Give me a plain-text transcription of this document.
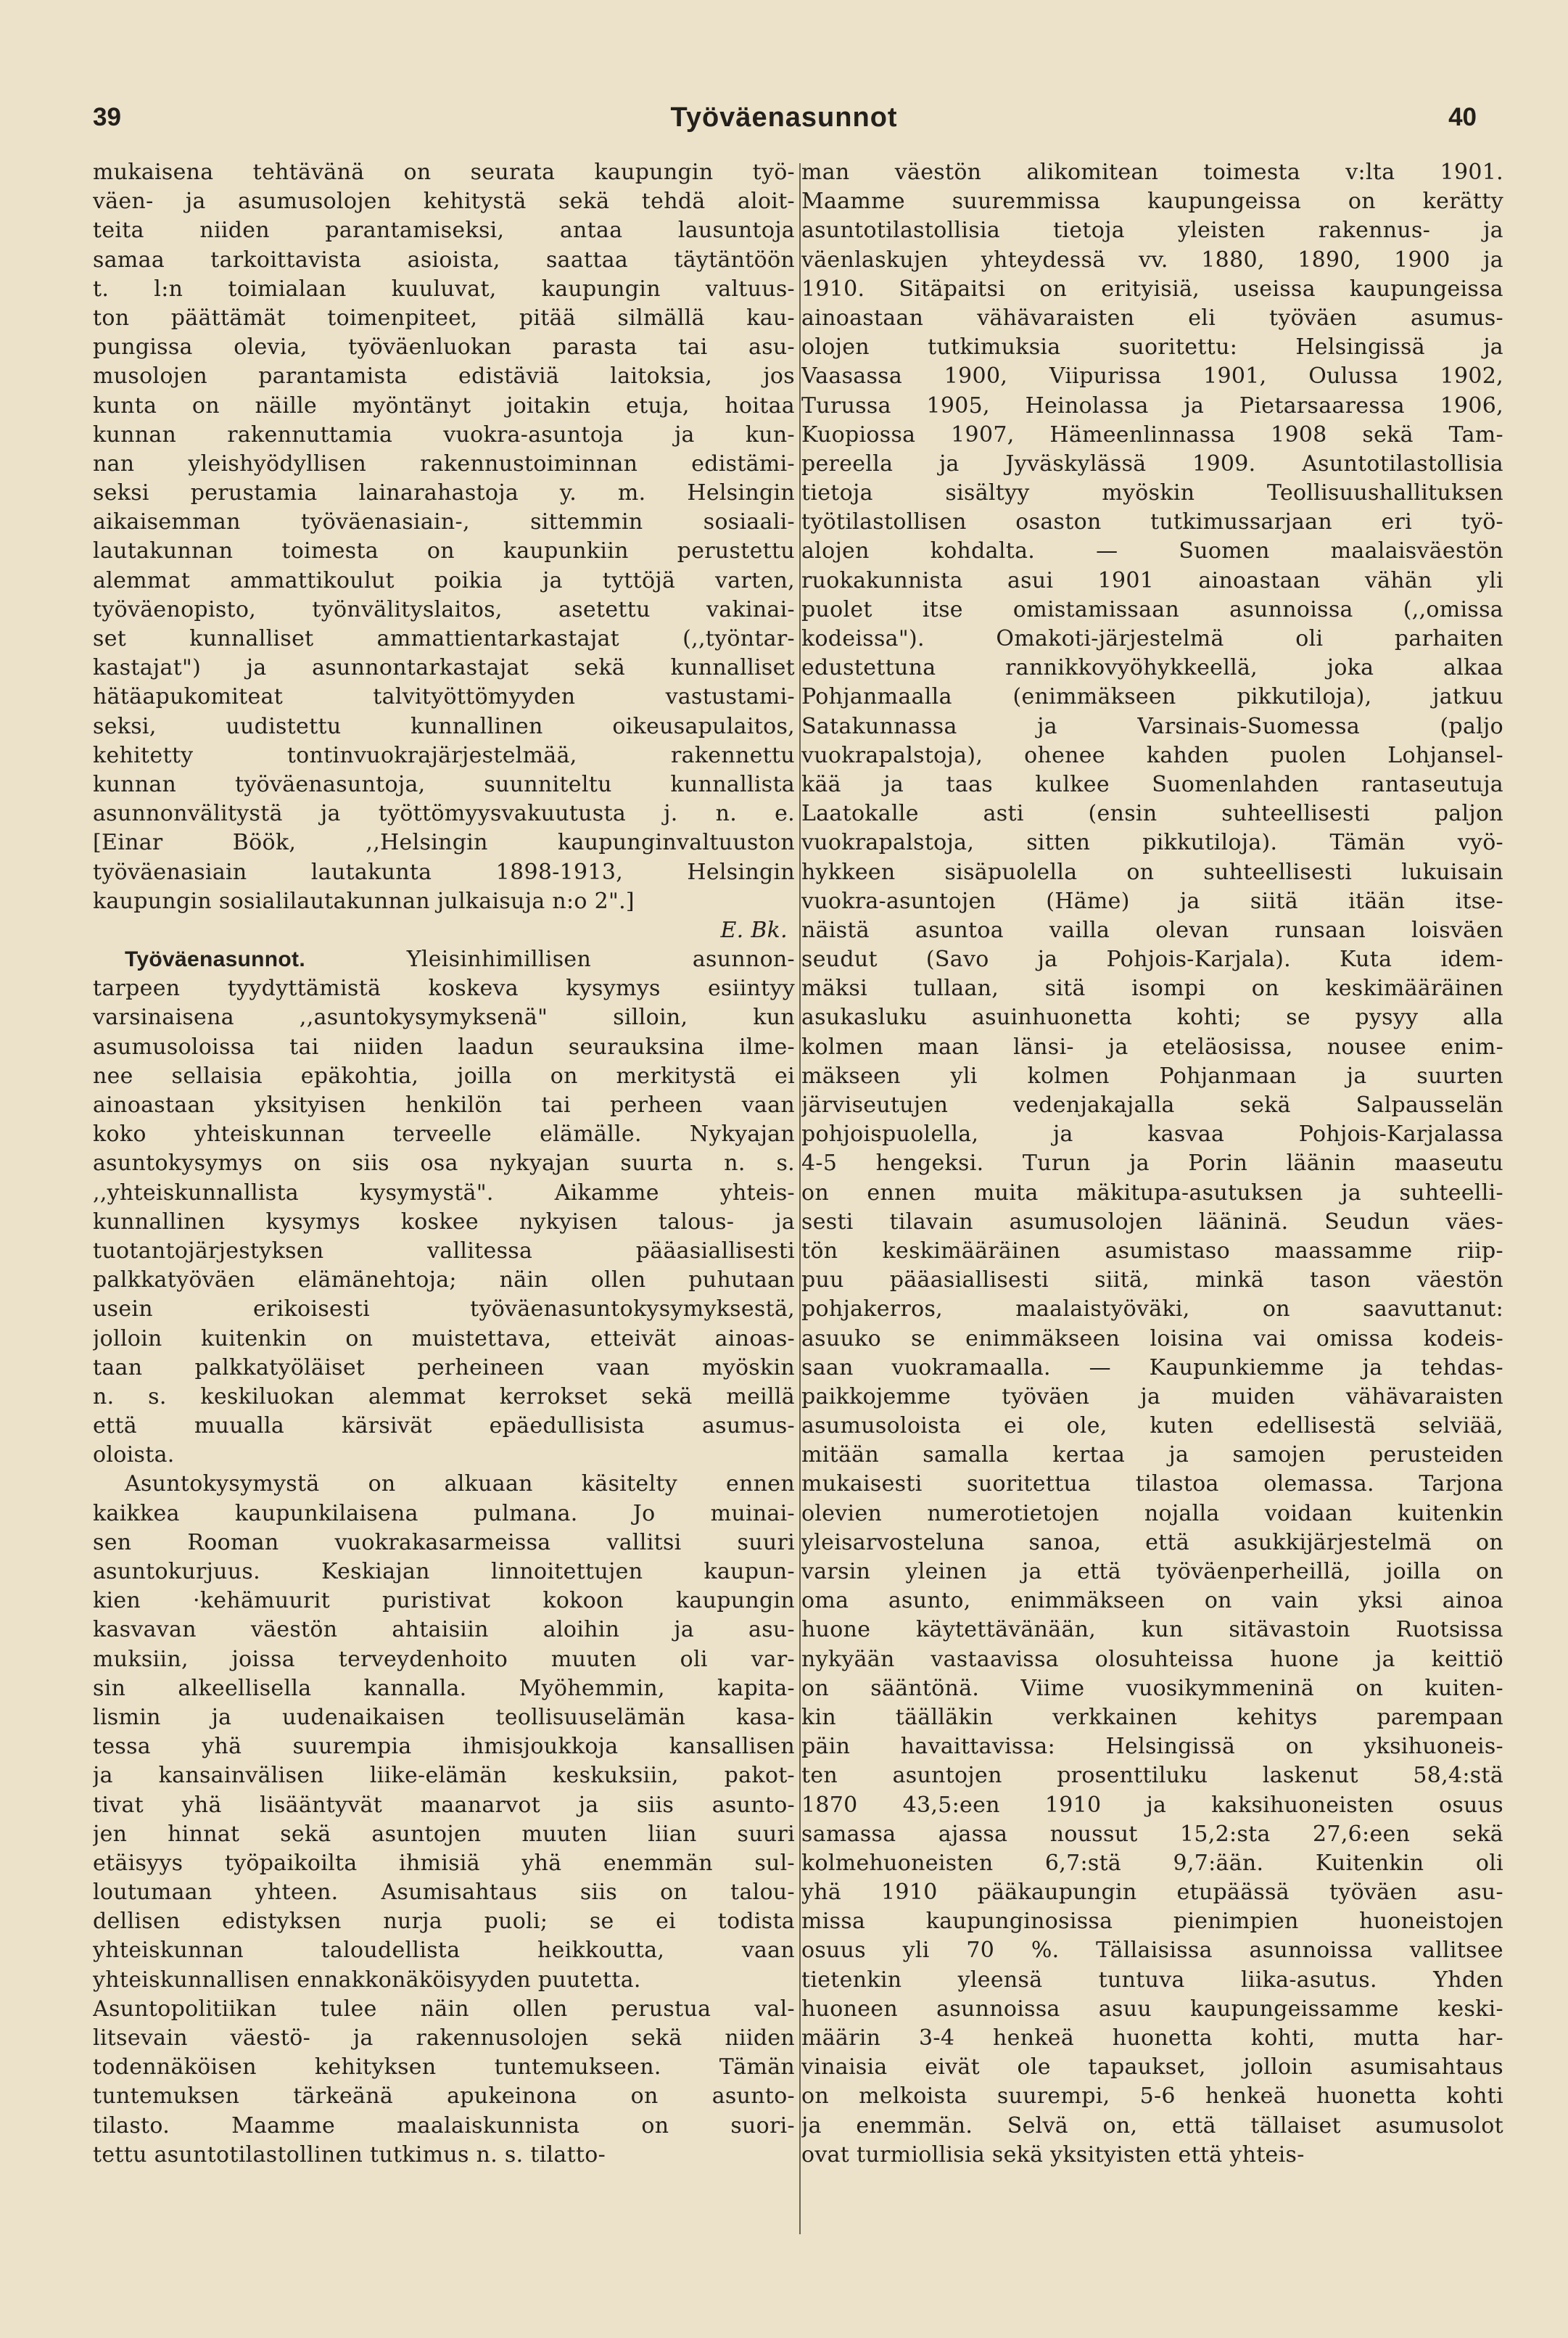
39	Työväenasunnot	40
mukaisena tehtävänä on seurata kaupungin työ-
väen- ja asumusolojen kehitystä sekä tehdä aloit-
teita niiden parantamiseksi, antaa lausuntoja
samaa tarkoittavista asioista, saattaa täytäntöön
t. l:n toimialaan kuuluvat, kaupungin valtuus-
ton päättämät toimenpiteet, pitää silmällä kau-
pungissa olevia, työväenluokan parasta tai asu-
musolojen parantamista edistäviä laitoksia, jos
kunta on näille myöntänyt joitakin etuja, hoitaa
kunnan rakennuttamia vuokra-asuntoja ja kun-
nan yleishyödyllisen rakennustoiminnan edistämi-
seksi perustamia lainarahastoja y. m. Helsingin
aikaisemman työväenasiain-, sittemmin sosiaali-
lautakunnan toimesta on kaupunkiin perustettu
alemmat ammattikoulut poikia ja tyttöjä varten,
työväenopisto, työnvälityslaitos, asetettu vakinai-
set kunnalliset ammattientarkastajat (,,työntar-
kastajat") ja asunnontarkastajat sekä kunnalliset
hätäapukomiteat talvityöttömyyden vastustami-
seksi, uudistettu kunnallinen oikeusapulaitos,
kehitetty tontinvuokrajärjestelmää, rakennettu
kunnan työväenasuntoja, suunniteltu kunnallista
asunnonvälitystä ja työttömyysvakuutusta j. n. e.
[Einar Böök, ,,Helsingin kaupunginvaltuuston
työväenasiain lautakunta 1898-1913, Helsingin
kaupungin sosialilautakunnan julkaisuja n:o 2".]
E. Bk.
Työväenasunnot. Yleisinhimillisen asunnon-
tarpeen tyydyttämistä koskeva kysymys esiintyy
varsinaisena ,,asuntokysymyksenä" silloin, kun
asumusoloissa tai niiden laadun seurauksina ilme-
nee sellaisia epäkohtia, joilla on merkitystä ei
ainoastaan yksityisen henkilön tai perheen vaan
koko yhteiskunnan terveelle elämälle. Nykyajan
asuntokysymys on siis osa nykyajan suurta n. s.
,,yhteiskunnallista kysymystä". Aikamme yhteis-
kunnallinen kysymys koskee nykyisen talous- ja
tuotantojärjestyksen vallitessa pääasiallisesti
palkkatyöväen elämänehtoja; näin ollen puhutaan
usein erikoisesti työväenasuntokysymyksestä,
jolloin kuitenkin on muistettava, etteivät ainoas-
taan palkkatyöläiset perheineen vaan myöskin
n. s. keskiluokan alemmat kerrokset sekä meillä
että muualla kärsivät epäedullisista asumus-
oloista.
Asuntokysymystä on alkuaan käsitelty ennen
kaikkea kaupunkilaisena pulmana. Jo muinai-
sen Rooman vuokrakasarmeissa vallitsi suuri
asuntokurjuus. Keskiajan linnoitettujen kaupun-
kien ·kehämuurit puristivat kokoon kaupungin
kasvavan väestön ahtaisiin aloihin ja asu-
muksiin, joissa terveydenhoito muuten oli var-
sin alkeellisella kannalla. Myöhemmin, kapita-
lismin ja uudenaikaisen teollisuuselämän kasa-
tessa yhä suurempia ihmisjoukkoja kansallisen
ja kansainvälisen liike-elämän keskuksiin, pakot-
tivat yhä lisääntyvät maanarvot ja siis asunto-
jen hinnat sekä asuntojen muuten liian suuri
etäisyys työpaikoilta ihmisiä yhä enemmän sul-
loutumaan yhteen. Asumisahtaus siis on talou-
dellisen edistyksen nurja puoli; se ei todista
yhteiskunnan taloudellista heikkoutta, vaan
yhteiskunnallisen ennakkonäköisyyden puutetta.
Asuntopolitiikan tulee näin ollen perustua val-
litsevain väestö- ja rakennusolojen sekä niiden
todennäköisen kehityksen tuntemukseen. Tämän
tuntemuksen tärkeänä apukeinona on asunto-
tilasto. Maamme maalaiskunnista on suori-
tettu asuntotilastollinen tutkimus n. s. tilatto-
man väestön alikomitean toimesta v:lta 1901.
Maamme suuremmissa kaupungeissa on kerätty
asuntotilastollisia tietoja yleisten rakennus- ja
väenlaskujen yhteydessä vv. 1880, 1890, 1900 ja
1910. Sitäpaitsi on erityisiä, useissa kaupungeissa
ainoastaan vähävaraisten eli työväen asumus-
olojen tutkimuksia suoritettu: Helsingissä ja
Vaasassa 1900, Viipurissa 1901, Oulussa 1902,
Turussa 1905, Heinolassa ja Pietarsaaressa 1906,
Kuopiossa 1907, Hämeenlinnassa 1908 sekä Tam-
pereella ja Jyväskylässä 1909. Asuntotilastollisia
tietoja sisältyy myöskin Teollisuushallituksen
työtilastollisen osaston tutkimussarjaan eri työ-
alojen kohdalta. — Suomen maalaisväestön
ruokakunnista asui 1901 ainoastaan vähän yli
puolet itse omistamissaan asunnoissa (,,omissa
kodeissa"). Omakoti-järjestelmä oli parhaiten
edustettuna rannikkovyöhykkeellä, joka alkaa
Pohjanmaalla (enimmäkseen pikkutiloja), jatkuu
Satakunnassa ja Varsinais-Suomessa (paljo
vuokrapalstoja), ohenee kahden puolen Lohjansel-
kää ja taas kulkee Suomenlahden rantaseutuja
Laatokalle asti (ensin suhteellisesti paljon
vuokrapalstoja, sitten pikkutiloja). Tämän vyö-
hykkeen sisäpuolella on suhteellisesti lukuisain
vuokra-asuntojen (Häme) ja siitä itään itse-
näistä asuntoa vailla olevan runsaan loisväen
seudut (Savo ja Pohjois-Karjala). Kuta idem-
mäksi tullaan, sitä isompi on keskimääräinen
asukasluku asuinhuonetta kohti; se pysyy alla
kolmen maan länsi- ja eteläosissa, nousee enim-
mäkseen yli kolmen Pohjanmaan ja suurten
järviseutujen vedenjakajalla sekä Salpausselän
pohjoispuolella, ja kasvaa Pohjois-Karjalassa
4-5 hengeksi. Turun ja Porin läänin maaseutu
on ennen muita mäkitupa-asutuksen ja suhteelli-
sesti tilavain asumusolojen lääninä. Seudun väes-
tön keskimääräinen asumistaso maassamme riip-
puu pääasiallisesti siitä, minkä tason väestön
pohjakerros, maalaistyöväki, on saavuttanut:
asuuko se enimmäkseen loisina vai omissa kodeis-
saan vuokramaalla. — Kaupunkiemme ja tehdas-
paikkojemme työväen ja muiden vähävaraisten
asumusoloista ei ole, kuten edellisestä selviää,
mitään samalla kertaa ja samojen perusteiden
mukaisesti suoritettua tilastoa olemassa. Tarjona
olevien numerotietojen nojalla voidaan kuitenkin
yleisarvosteluna sanoa, että asukkijärjestelmä on
varsin yleinen ja että työväenperheillä, joilla on
oma asunto, enimmäkseen on vain yksi ainoa
huone käytettävänään, kun sitävastoin Ruotsissa
nykyään vastaavissa olosuhteissa huone ja keittiö
on sääntönä. Viime vuosikymmeninä on kuiten-
kin täälläkin verkkainen kehitys parempaan
päin havaittavissa: Helsingissä on yksihuoneis-
ten asuntojen prosenttiluku laskenut 58,4:stä
1870 43,5:een 1910 ja kaksihuoneisten osuus
samassa ajassa noussut 15,2:sta 27,6:een sekä
kolmehuoneisten 6,7:stä 9,7:ään. Kuitenkin oli
yhä 1910 pääkaupungin etupäässä työväen asu-
missa kaupunginosissa pienimpien huoneistojen
osuus yli 70 %. Tällaisissa asunnoissa vallitsee
tietenkin yleensä tuntuva liika-asutus. Yhden
huoneen asunnoissa asuu kaupungeissamme keski-
määrin 3-4 henkeä huonetta kohti, mutta har-
vinaisia eivät ole tapaukset, jolloin asumisahtaus
on melkoista suurempi, 5-6 henkeä huonetta kohti
ja enemmän. Selvä on, että tällaiset asumusolot
ovat turmiollisia sekä yksityisten että yhteis-
